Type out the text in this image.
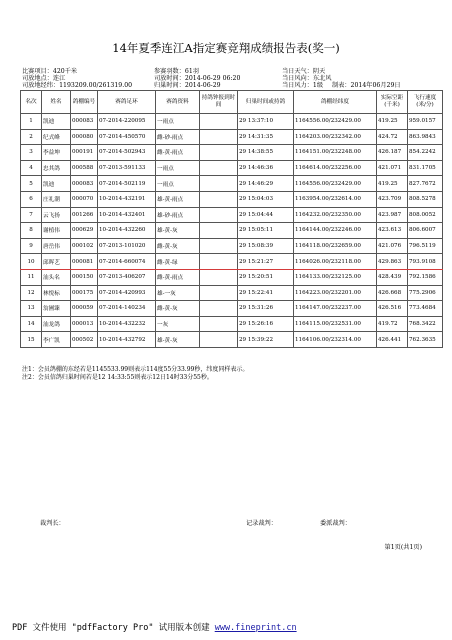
14年夏季连江A指定赛竞翔成绩报告表(奖一)
比赛项目：420千米	参赛羽数：61羽	当日天气：阴天
司放地点：连江	司放时间：2014-06-29 06:20	当日风向：东北风
司放地经纬：1193209.00/261319.00	归巢时间：2014-06-29	当日风力：1级 制表：2014年06月29日
名次	姓名	鸽棚编号	赛鸽足环	赛鸽资料	持鸽钟报到时间	归巢时间或持鸽	鸽棚经纬度	实际空距(千米)	飞行速度(米/分)
1	凯迪	000083	07-2014-220095	一雨点		29 13:37:10	1164556.00/232429.00	419.25	959.0157
2	纪式峰	000080	07-2014-450570	雌-砂-雨点		29 14:31:35	1164203.00/232342.00	424.72	863.9843
3	李益坤	000191	07-2014-502943	雌-黄-雨点		29 14:38:55	1164151.00/232248.00	426.187	854.2242
4	忠其鸽	000588	07-2013-591133	一雨点		29 14:46:36	1164614.00/232256.00	421.071	831.1705
5	凯迪	000083	07-2014-502119	一雨点		29 14:46:29	1164556.00/232429.00	419.25	827.7672
6	庄礼潮	000070	10-2014-432191	雄-黄-雨点		29 15:04:03	1163954.00/232614.00	423.709	808.5278
7	云飞扬	001266	10-2014-432401	雄-砂-雨点		29 15:04:44	1164232.00/232350.00	423.987	808.0052
8	谢植伟	000629	10-2014-432260	雄-黄-灰		29 15:05:11	1164144.00/232246.00	423.613	806.6007
9	唐岳伟	000102	07-2013-101020	雌-黄-灰		29 15:08:39	1164118.00/232659.00	421.076	796.5119
10	邱晖艺	000081	07-2014-660074	雌-黄-绿		29 15:21:27	1164026.00/232118.00	429.863	793.9108
11	汕头名	000150	07-2013-406207	雌-黄-雨点		29 15:20:51	1164133.00/232125.00	428.439	792.1586
12	林悦标	000175	07-2014-420993	雄-一灰		29 15:22:41	1164223.00/232201.00	426.668	775.2906
13	翁圃臻	000059	07-2014-140234	雌-黄-灰		29 15:31:26	1164147.00/232237.00	426.516	773.4684
14	汕龙鸽	000013	10-2014-432232	一灰		29 15:26:16	1164115.00/232531.00	419.72	768.3422
15	李广凯	000502	10-2014-432792	雄-黄-灰		29 15:39:22	1164106.00/232314.00	426.441	762.3635
注1：会员鸽棚的东经若是1145533.99则表示114度55分33.99秒，纬度同样表示。
注2：会员信鸽归巢时间若是12 14:33:55则表示12日14时33分55秒。
裁判长：	记录裁判：	委派裁判：
第1页(共1页)
PDF 文件使用 "pdfFactory Pro" 试用版本创建 www.fineprint.cn
